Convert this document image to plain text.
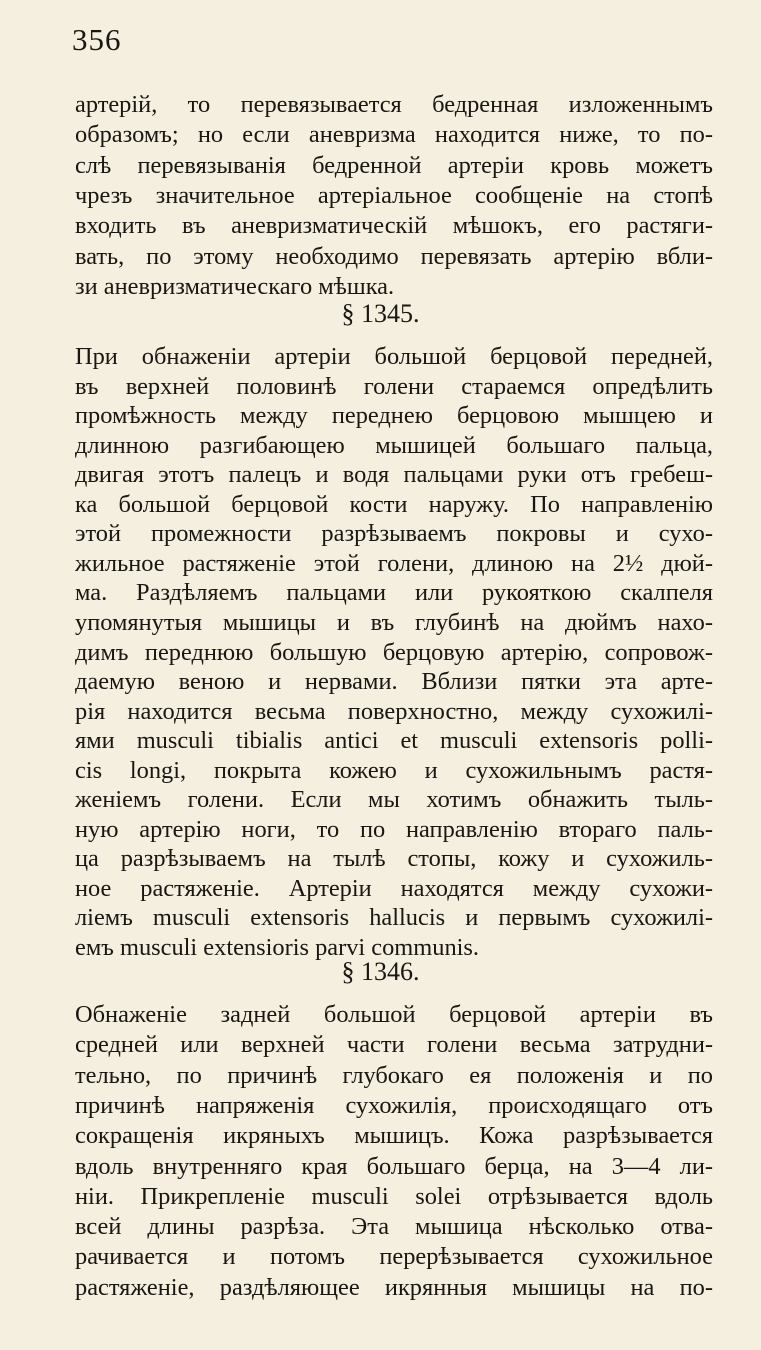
356
артерій, то перевязывается бедренная изложеннымъ
образомъ; но если аневризма находится ниже, то по-
слѣ перевязыванія бедренной артеріи кровь можетъ
чрезъ значительное артеріальное сообщеніе на стопѣ
входить въ аневризматическій мѣшокъ, его растяги-
вать, по этому необходимо перевязать артерію вбли-
зи аневризматическаго мѣшка.
§ 1345.
При обнаженіи артеріи большой берцовой передней,
въ верхней половинѣ голени стараемся опредѣлить
промѣжность между переднею берцовою мышцею и
длинною разгибающею мышицей большаго пальца,
двигая этотъ палецъ и водя пальцами руки отъ гребеш-
ка большой берцовой кости наружу. По направленію
этой промежности разрѣзываемъ покровы и сухо-
жильное растяженіе этой голени, длиною на 2½ дюй-
ма. Раздѣляемъ пальцами или рукояткою скалпеля
упомянутыя мышицы и въ глубинѣ на дюймъ нахо-
димъ переднюю большую берцовую артерію, сопровож-
даемую веною и нервами. Вблизи пятки эта арте-
рія находится весьма поверхностно, между сухожилі-
ями musculi tibialis antici et musculi extensoris polli-
cis longi, покрыта кожею и сухожильнымъ растя-
женіемъ голени. Если мы хотимъ обнажить тыль-
ную артерію ноги, то по направленію втораго паль-
ца разрѣзываемъ на тылѣ стопы, кожу и сухожиль-
ное растяженіе. Артеріи находятся между сухожи-
ліемъ musculi extensoris hallucis и первымъ сухожилі-
емъ musculi extensioris parvi communis.
§ 1346.
Обнаженіе задней большой берцовой артеріи въ
средней или верхней части голени весьма затрудни-
тельно, по причинѣ глубокаго ея положенія и по
причинѣ напряженія сухожилія, происходящаго отъ
сокращенія икряныхъ мышицъ. Кожа разрѣзывается
вдоль внутренняго края большаго берца, на 3—4 ли-
ніи. Прикрепленіе musculi solei отрѣзывается вдоль
всей длины разрѣза. Эта мышица нѣсколько отва-
рачивается и потомъ перерѣзывается сухожильное
растяженіе, раздѣляющее икрянныя мышицы на по-
